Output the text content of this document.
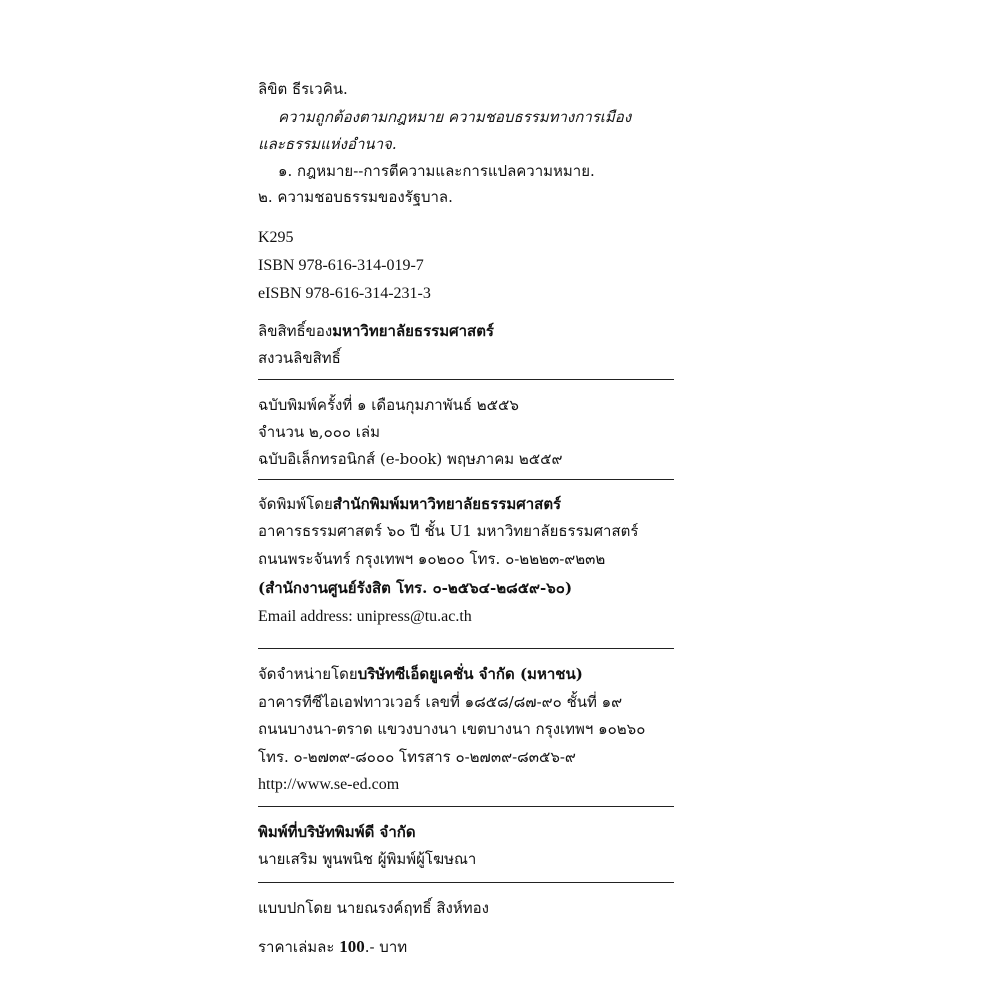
ลิขิต ธีรเวคิน.
ความถูกต้องตามกฎหมาย ความชอบธรรมทางการเมือง
และธรรมแห่งอำนาจ.
๑. กฎหมาย--การตีความและการแปลความหมาย.
๒. ความชอบธรรมของรัฐบาล.
K295
ISBN 978-616-314-019-7
eISBN 978-616-314-231-3
ลิขสิทธิ์ของมหาวิทยาลัยธรรมศาสตร์
สงวนลิขสิทธิ์
ฉบับพิมพ์ครั้งที่ ๑ เดือนกุมภาพันธ์ ๒๕๕๖
จำนวน ๒,๐๐๐ เล่ม
ฉบับอิเล็กทรอนิกส์ (e-book) พฤษภาคม ๒๕๕๙
จัดพิมพ์โดยสำนักพิมพ์มหาวิทยาลัยธรรมศาสตร์
อาคารธรรมศาสตร์ ๖๐ ปี ชั้น U1 มหาวิทยาลัยธรรมศาสตร์
ถนนพระจันทร์ กรุงเทพฯ ๑๐๒๐๐ โทร. ๐-๒๒๒๓-๙๒๓๒
(สำนักงานศูนย์รังสิต โทร. ๐-๒๕๖๔-๒๘๕๙-๖๐)
Email address: unipress@tu.ac.th
จัดจำหน่ายโดยบริษัทซีเอ็ดยูเคชั่น จำกัด (มหาชน)
อาคารทีซีไอเอฟทาวเวอร์ เลขที่ ๑๘๕๘/๘๗-๙๐ ชั้นที่ ๑๙
ถนนบางนา-ตราด แขวงบางนา เขตบางนา กรุงเทพฯ ๑๐๒๖๐
โทร. ๐-๒๗๓๙-๘๐๐๐ โทรสาร ๐-๒๗๓๙-๘๓๕๖-๙
http://www.se-ed.com
พิมพ์ที่บริษัทพิมพ์ดี จำกัด
นายเสริม พูนพนิช ผู้พิมพ์ผู้โฆษณา
แบบปกโดย นายณรงค์ฤทธิ์ สิงห์ทอง
ราคาเล่มละ 100.- บาท
